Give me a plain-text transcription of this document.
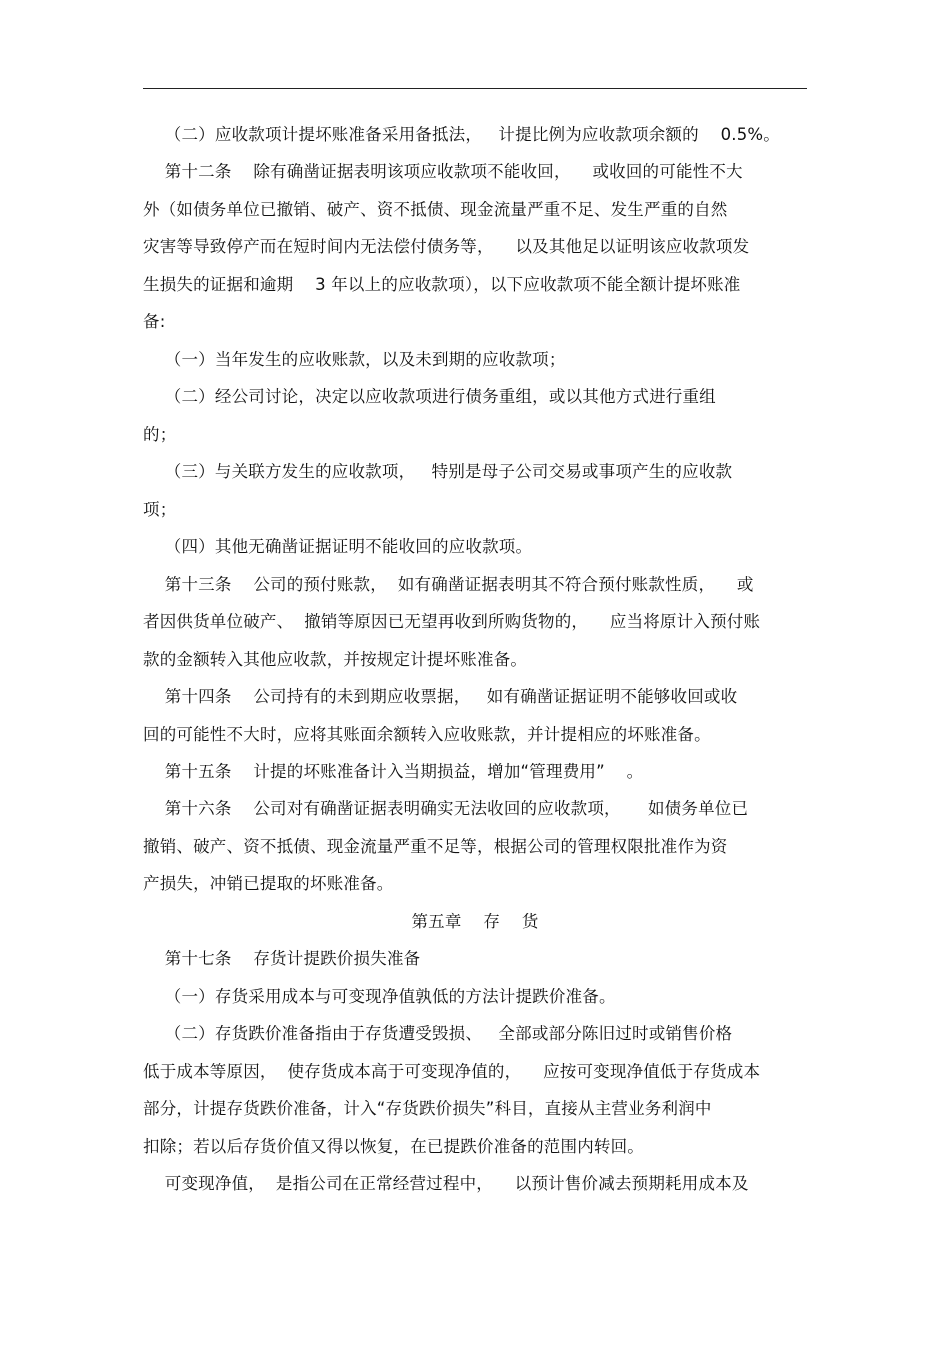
（二）应收款项计提坏账准备采用备抵法，   计提比例为应收款项余额的    0.5%。
第十二条    除有确凿证据表明该项应收款项不能收回，    或收回的可能性不大
外（如债务单位已撤销、破产、资不抵债、现金流量严重不足、发生严重的自然
灾害等导致停产而在短时间内无法偿付债务等，    以及其他足以证明该应收款项发
生损失的证据和逾期    3 年以上的应收款项），以下应收款项不能全额计提坏账准
备:
（一）当年发生的应收账款，以及未到期的应收款项；
（二）经公司讨论，决定以应收款项进行债务重组，或以其他方式进行重组
的；
（三）与关联方发生的应收款项，   特别是母子公司交易或事项产生的应收款
项；
（四）其他无确凿证据证明不能收回的应收款项。
第十三条    公司的预付账款，  如有确凿证据表明其不符合预付账款性质，    或
者因供货单位破产、  撤销等原因已无望再收到所购货物的，    应当将原计入预付账
款的金额转入其他应收款，并按规定计提坏账准备。
第十四条    公司持有的未到期应收票据，   如有确凿证据证明不能够收回或收
回的可能性不大时，应将其账面余额转入应收账款，并计提相应的坏账准备。
第十五条    计提的坏账准备计入当期损益，增加“管理费用”    。
第十六条    公司对有确凿证据表明确实无法收回的应收款项，     如债务单位已
撤销、破产、资不抵债、现金流量严重不足等，根据公司的管理权限批准作为资
产损失，冲销已提取的坏账准备。
第五章    存    货
第十七条    存货计提跌价损失准备
（一）存货采用成本与可变现净值孰低的方法计提跌价准备。
（二）存货跌价准备指由于存货遭受毁损、   全部或部分陈旧过时或销售价格
低于成本等原因，  使存货成本高于可变现净值的，    应按可变现净值低于存货成本
部分，计提存货跌价准备，计入“存货跌价损失”科目，直接从主营业务利润中
扣除；若以后存货价值又得以恢复，在已提跌价准备的范围内转回。
可变现净值，  是指公司在正常经营过程中，    以预计售价减去预期耗用成本及
